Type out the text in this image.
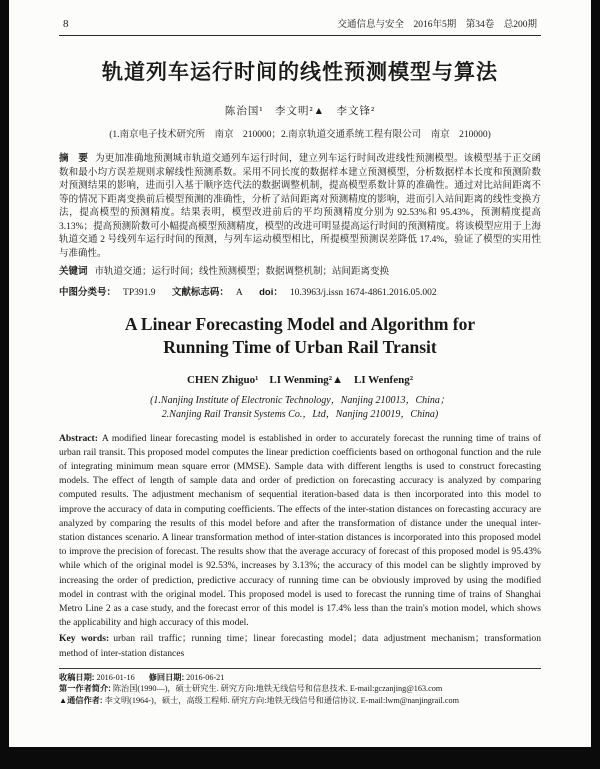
8	交通信息与安全　2016年5期　第34卷　总200期
轨道列车运行时间的线性预测模型与算法
陈治国¹　李文明²▲　李文锋²
(1.南京电子技术研究所　南京　210000；2.南京轨道交通系统工程有限公司　南京　210000)

摘　要 为更加准确地预测城市轨道交通列车运行时间，建立列车运行时间改进线性预测模型。该模型基于正交函数和最小均方误差规则求解线性预测系数。采用不同长度的数据样本建立预测模型，分析数据样本长度和预测阶数对预测结果的影响，进而引入基于顺序迭代法的数据调整机制，提高模型系数计算的准确性。通过对比站间距离不等的情况下距离变换前后模型预测的准确性，分析了站间距离对预测精度的影响，进而引入站间距离的线性变换方法，提高模型的预测精度。结果表明，模型改进前后的平均预测精度分别为 92.53%和 95.43%，预测精度提高 3.13%；提高预测阶数可小幅提高模型预测精度，模型的改进可明显提高运行时间的预测精度。将该模型应用于上海轨道交通 2 号线列车运行时间的预测，与列车运动模型相比，所提模型预测误差降低 17.4%，验证了模型的实用性与准确性。

关键词 市轨道交通；运行时间；线性预测模型；数据调整机制；站间距离变换

中图分类号： TP391.9 文献标志码： A doi： 10.3963/j.issn 1674-4861.2016.05.002

A Linear Forecasting Model and Algorithm for
Running Time of Urban Rail Transit
CHEN Zhiguo¹　LI Wenming²▲　LI Wenfeng²
(1.Nanjing Institute of Electronic Technology，Nanjing 210013，China；
2.Nanjing Rail Transit Systems Co.，Ltd，Nanjing 210019，China)

Abstract: A modified linear forecasting model is established in order to accurately forecast the running time of trains of urban rail transit. This proposed model computes the linear prediction coefficients based on orthogonal function and the rule of integrating minimum mean square error (MMSE). Sample data with different lengths is used to construct forecasting models. The effect of length of sample data and order of prediction on forecasting accuracy is analyzed by comparing computed results. The adjustment mechanism of sequential iteration-based data is then incorporated into this model to improve the accuracy of data in computing coefficients. The effects of the inter-station distances on forecasting accuracy are analyzed by comparing the results of this model before and after the transformation of distance under the unequal inter-station distances scenario. A linear transformation method of inter-station distances is incorporated into this proposed model to improve the precision of forecast. The results show that the average accuracy of forecast of this proposed model is 95.43% while which of the original model is 92.53%, increases by 3.13%; the accuracy of this model can be slightly improved by increasing the order of prediction, predictive accuracy of running time can be obviously improved by using the modified model in contrast with the original model. This proposed model is used to forecast the running time of trains of Shanghai Metro Line 2 as a case study, and the forecast error of this model is 17.4% less than the train's motion model, which shows the applicability and high accuracy of this model.

Key words: urban rail traffic；running time；linear forecasting model；data adjustment mechanism；transformation method of inter-station distances

收稿日期: 2016-01-16 修回日期: 2016-06-21
第一作者简介: 陈治国(1990—)，硕士研究生. 研究方向:地铁无线信号和信息技术. E-mail:gczanjing@163.com
▲通信作者: 李文明(1964-)，硕士，高级工程师. 研究方向:地铁无线信号和通信协议. E-mail:lwm@nanjingrail.com
